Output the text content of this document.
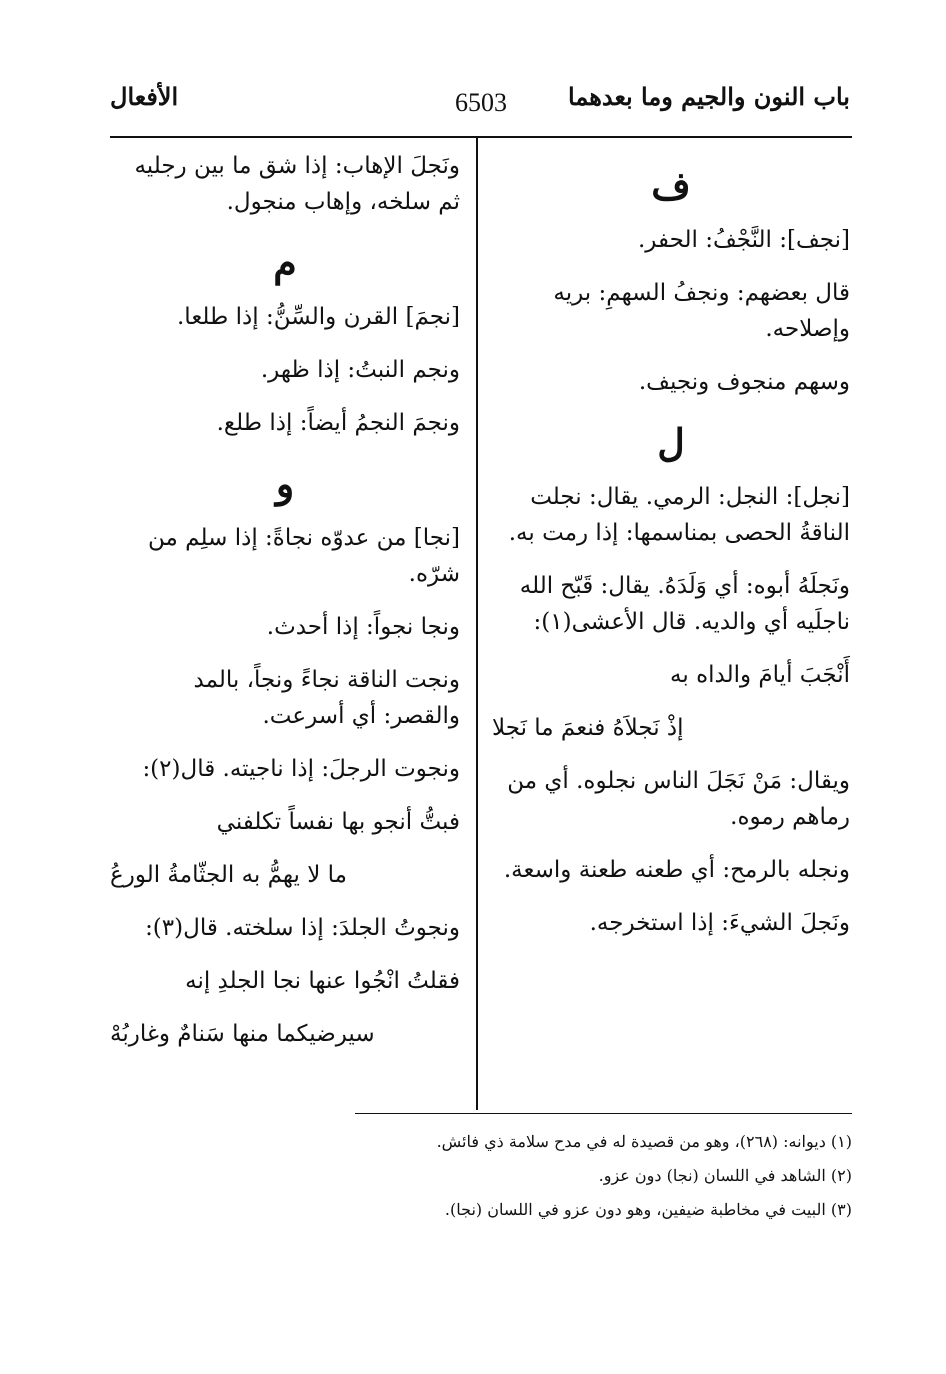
باب النون والجيم وما بعدهما
6503
الأفعال
ف

[نجف]: النَّجْفُ: الحفر.

قال بعضهم: ونجفُ السهمِ: بريه وإصلاحه.

وسهم منجوف ونجيف.

ل

[نجل]: النجل: الرمي. يقال: نجلت الناقةُ الحصى بمناسمها: إذا رمت به.

ونَجلَهُ أبوه: أي وَلَدَهُ. يقال: قَبّح الله ناجلَيه أي والديه. قال الأعشى(١):

أَنْجَبَ أيامَ والداه به

إذْ نَجلاَهُ فنعمَ ما نَجلا

ويقال: مَنْ نَجَلَ الناس نجلوه. أي من رماهم رموه.

ونجله بالرمح: أي طعنه طعنة واسعة.

ونَجلَ الشيءَ: إذا استخرجه.

ونَجلَ الإهاب: إذا شق ما بين رجليه ثم سلخه، وإهاب منجول.

م

[نجمَ] القرن والسِّنُّ: إذا طلعا.

ونجم النبتُ: إذا ظهر.

ونجمَ النجمُ أيضاً: إذا طلع.

و

[نجا] من عدوّه نجاةً: إذا سلِم من شرّه.

ونجا نجواً: إذا أحدث.

ونجت الناقة نجاءً ونجاً، بالمد والقصر: أي أسرعت.

ونجوت الرجلَ: إذا ناجيته. قال(٢):

فبتُّ أنجو بها نفساً تكلفني

ما لا يهمُّ به الجثّامةُ الورعُ

ونجوتُ الجلدَ: إذا سلخته. قال(٣):

فقلتُ انْجُوا عنها نجا الجلدِ إنه

سيرضيكما منها سَنامٌ وغاربُهْ

(١) ديوانه: (٢٦٨)، وهو من قصيدة له في مدح سلامة ذي فائش.

(٢) الشاهد في اللسان (نجا) دون عزو.

(٣) البيت في مخاطبة ضيفين، وهو دون عزو في اللسان (نجا).
